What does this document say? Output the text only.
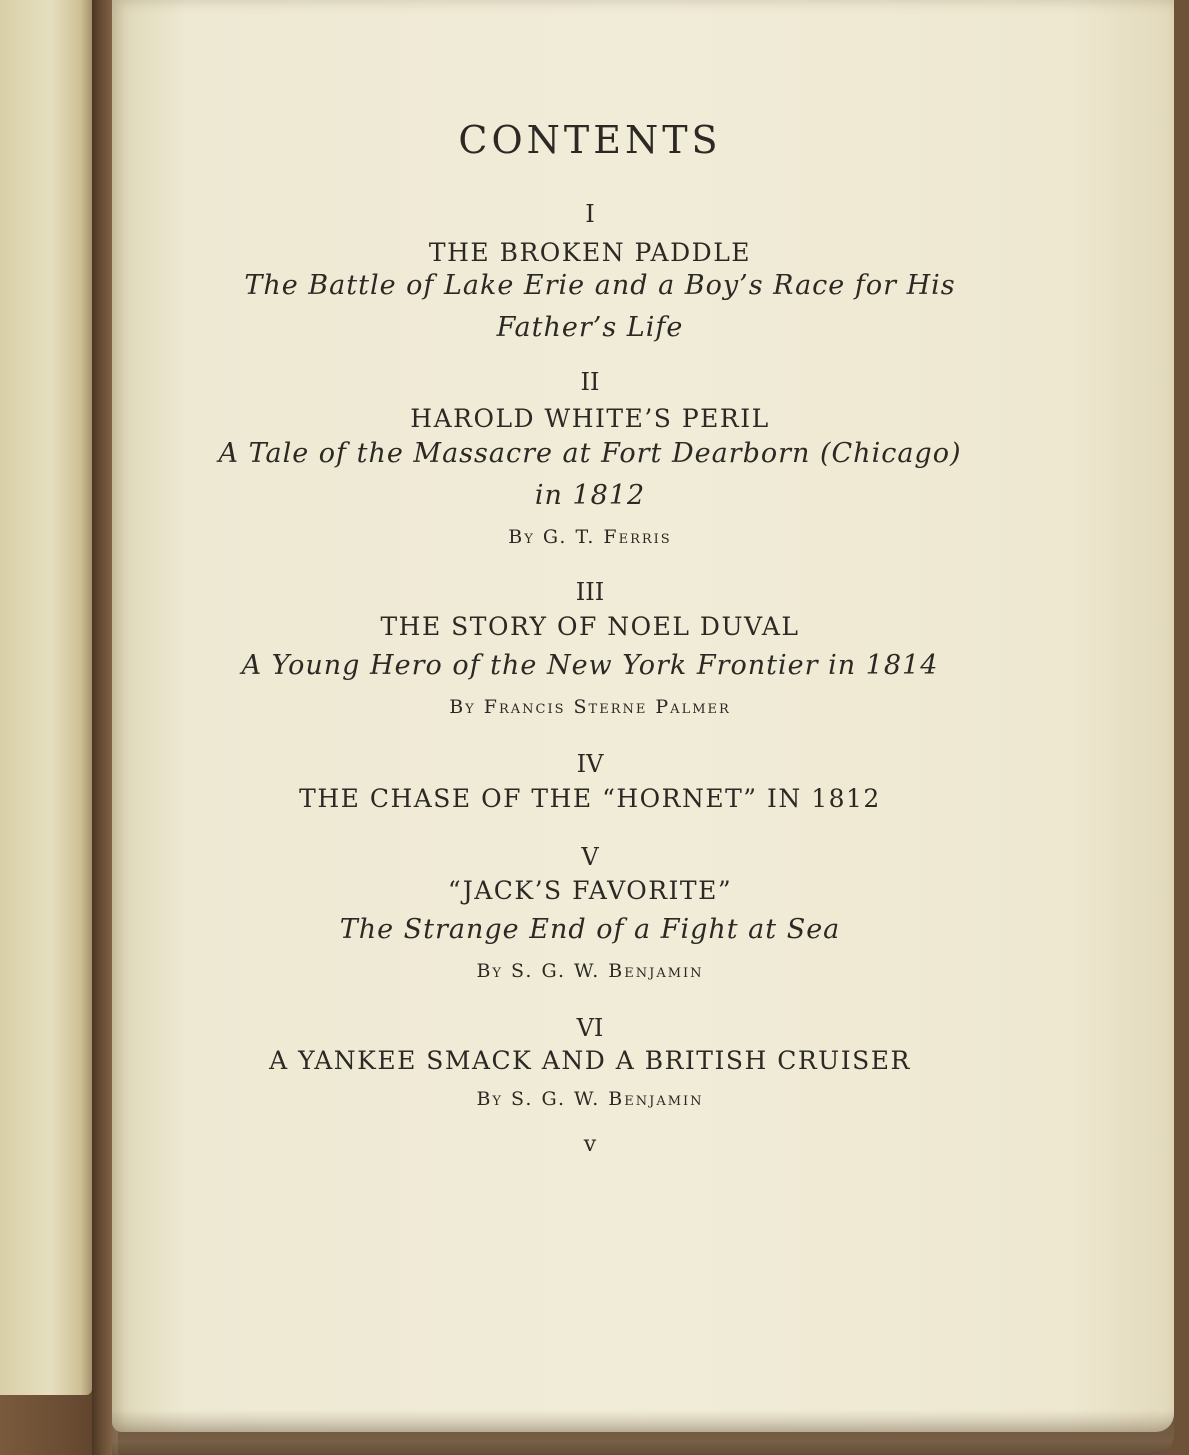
CONTENTS
I
THE BROKEN PADDLE
The Battle of Lake Erie and a Boy’s Race for His
Father’s Life
II
HAROLD WHITE’S PERIL
A Tale of the Massacre at Fort Dearborn (Chicago)
in 1812
By G. T. Ferris
III
THE STORY OF NOEL DUVAL
A Young Hero of the New York Frontier in 1814
By Francis Sterne Palmer
IV
THE CHASE OF THE “HORNET” IN 1812
V
“JACK’S FAVORITE”
The Strange End of a Fight at Sea
By S. G. W. Benjamin
VI
A YANKEE SMACK AND A BRITISH CRUISER
By S. G. W. Benjamin
v
